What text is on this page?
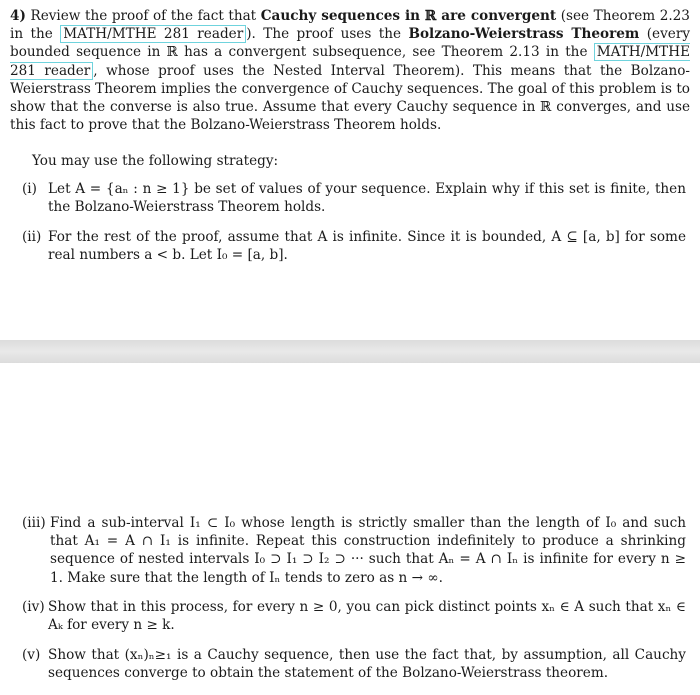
4) Review the proof of the fact that Cauchy sequences in ℝ are convergent (see Theorem 2.23 in the MATH/MTHE 281 reader ). The proof uses the Bolzano-Weierstrass Theorem (every bounded sequence in ℝ has a convergent subsequence, see Theorem 2.13 in the MATH/MTHE 281 reader , whose proof uses the Nested Interval Theorem). This means that the Bolzano-Weierstrass Theorem implies the convergence of Cauchy sequences. The goal of this problem is to show that the converse is also true. Assume that every Cauchy sequence in ℝ converges, and use this fact to prove that the Bolzano-Weierstrass Theorem holds.
You may use the following strategy:
(i) Let A = {aₙ : n ≥ 1} be set of values of your sequence. Explain why if this set is finite, then the Bolzano-Weierstrass Theorem holds.
(ii) For the rest of the proof, assume that A is infinite. Since it is bounded, A ⊆ [a, b] for some real numbers a < b. Let I₀ = [a, b].
(iii) Find a sub-interval I₁ ⊂ I₀ whose length is strictly smaller than the length of I₀ and such that A₁ = A ∩ I₁ is infinite. Repeat this construction indefinitely to produce a shrinking sequence of nested intervals I₀ ⊃ I₁ ⊃ I₂ ⊃ ··· such that Aₙ = A ∩ Iₙ is infinite for every n ≥ 1. Make sure that the length of Iₙ tends to zero as n → ∞.
(iv) Show that in this process, for every n ≥ 0, you can pick distinct points xₙ ∈ A such that xₙ ∈ Aₖ for every n ≥ k.
(v) Show that (xₙ)ₙ≥₁ is a Cauchy sequence, then use the fact that, by assumption, all Cauchy sequences converge to obtain the statement of the Bolzano-Weierstrass theorem.
